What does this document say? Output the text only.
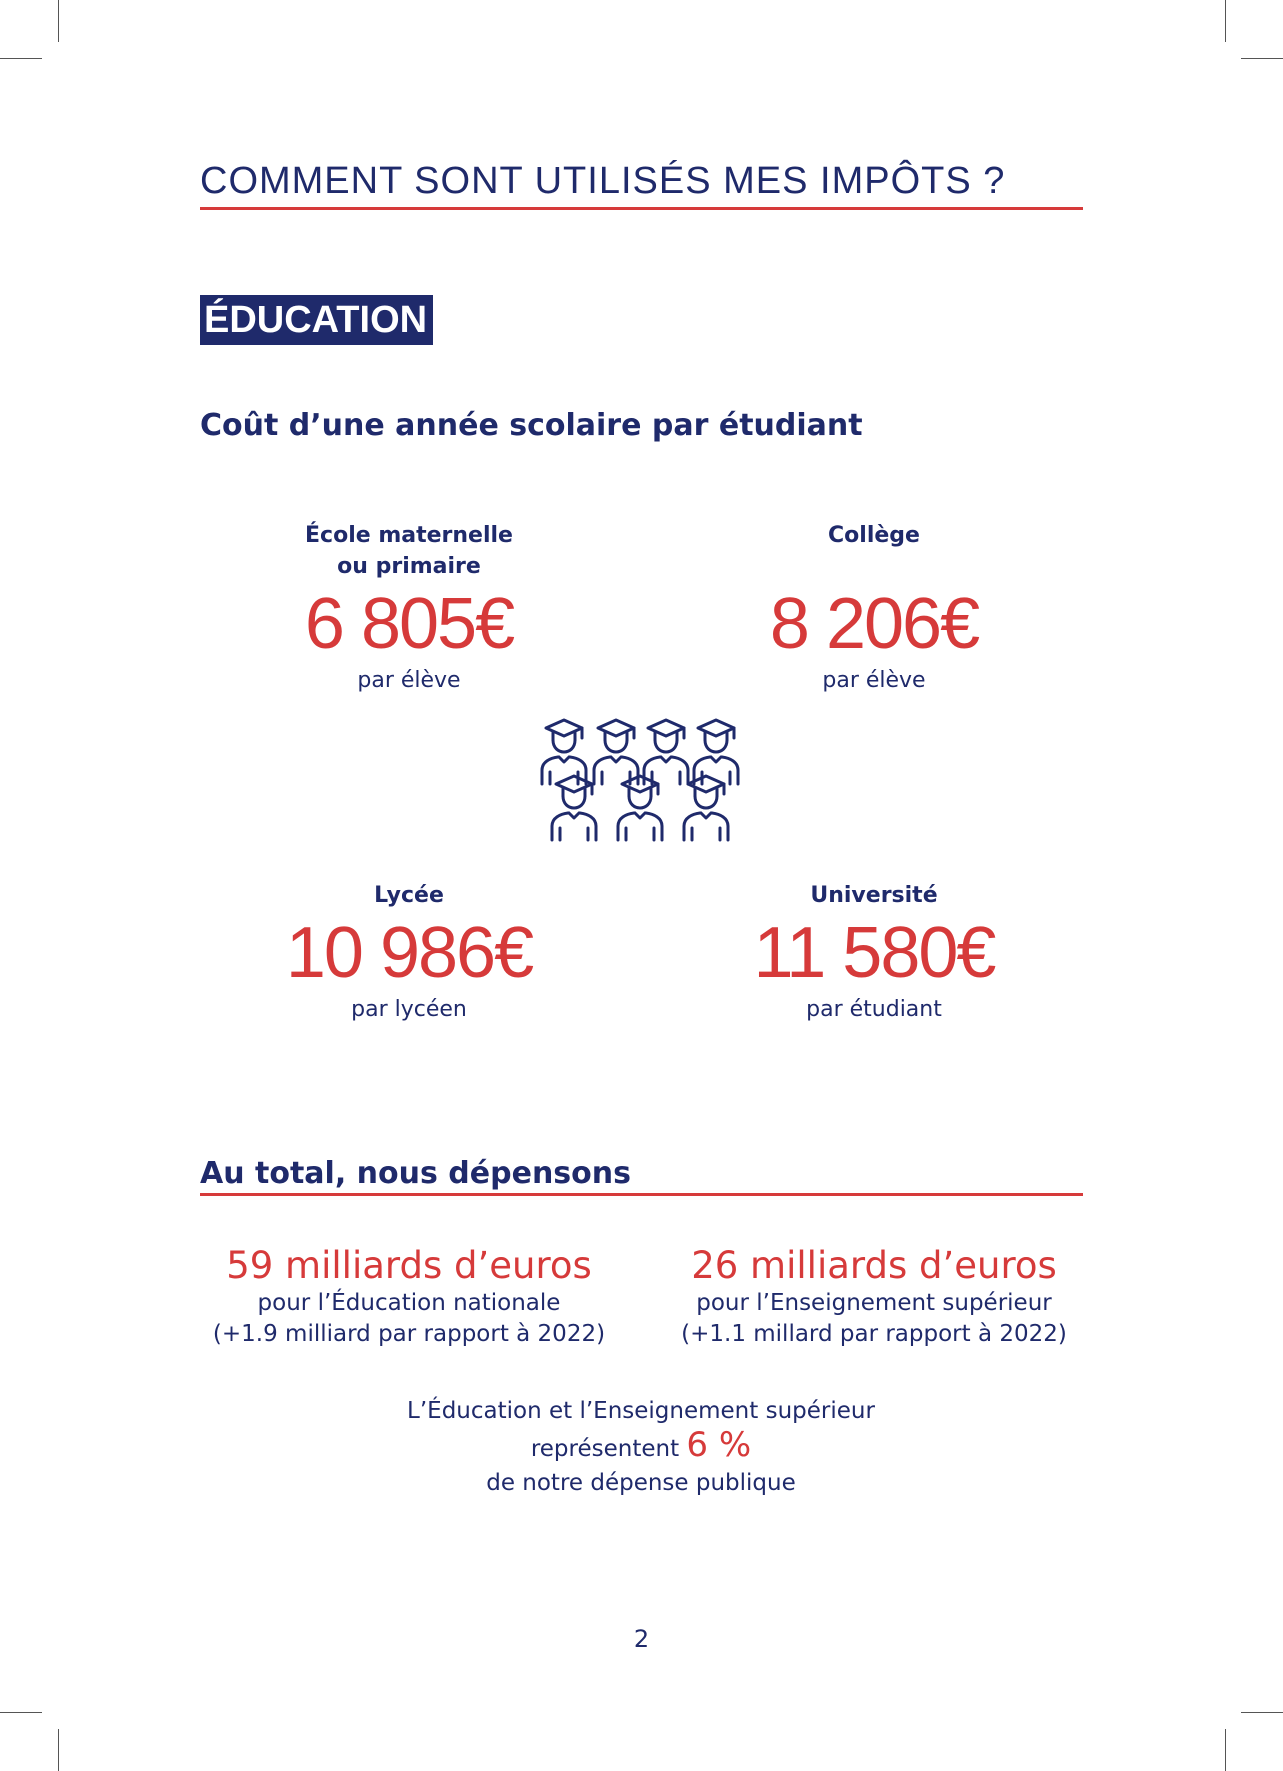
COMMENT SONT UTILISÉS MES IMPÔTS ?
ÉDUCATION
Coût d’une année scolaire par étudiant
École maternelle
ou primaire
6 805€
par élève
Collège
8 206€
par élève
Lycée
10 986€
par lycéen
Université
11 580€
par étudiant
Au total, nous dépensons
59 milliards d’euros
pour l’Éducation nationale
(+1.9 milliard par rapport à 2022)
26 milliards d’euros
pour l’Enseignement supérieur
(+1.1 millard par rapport à 2022)
L’Éducation et l’Enseignement supérieur
représentent 6 %
de notre dépense publique
2
